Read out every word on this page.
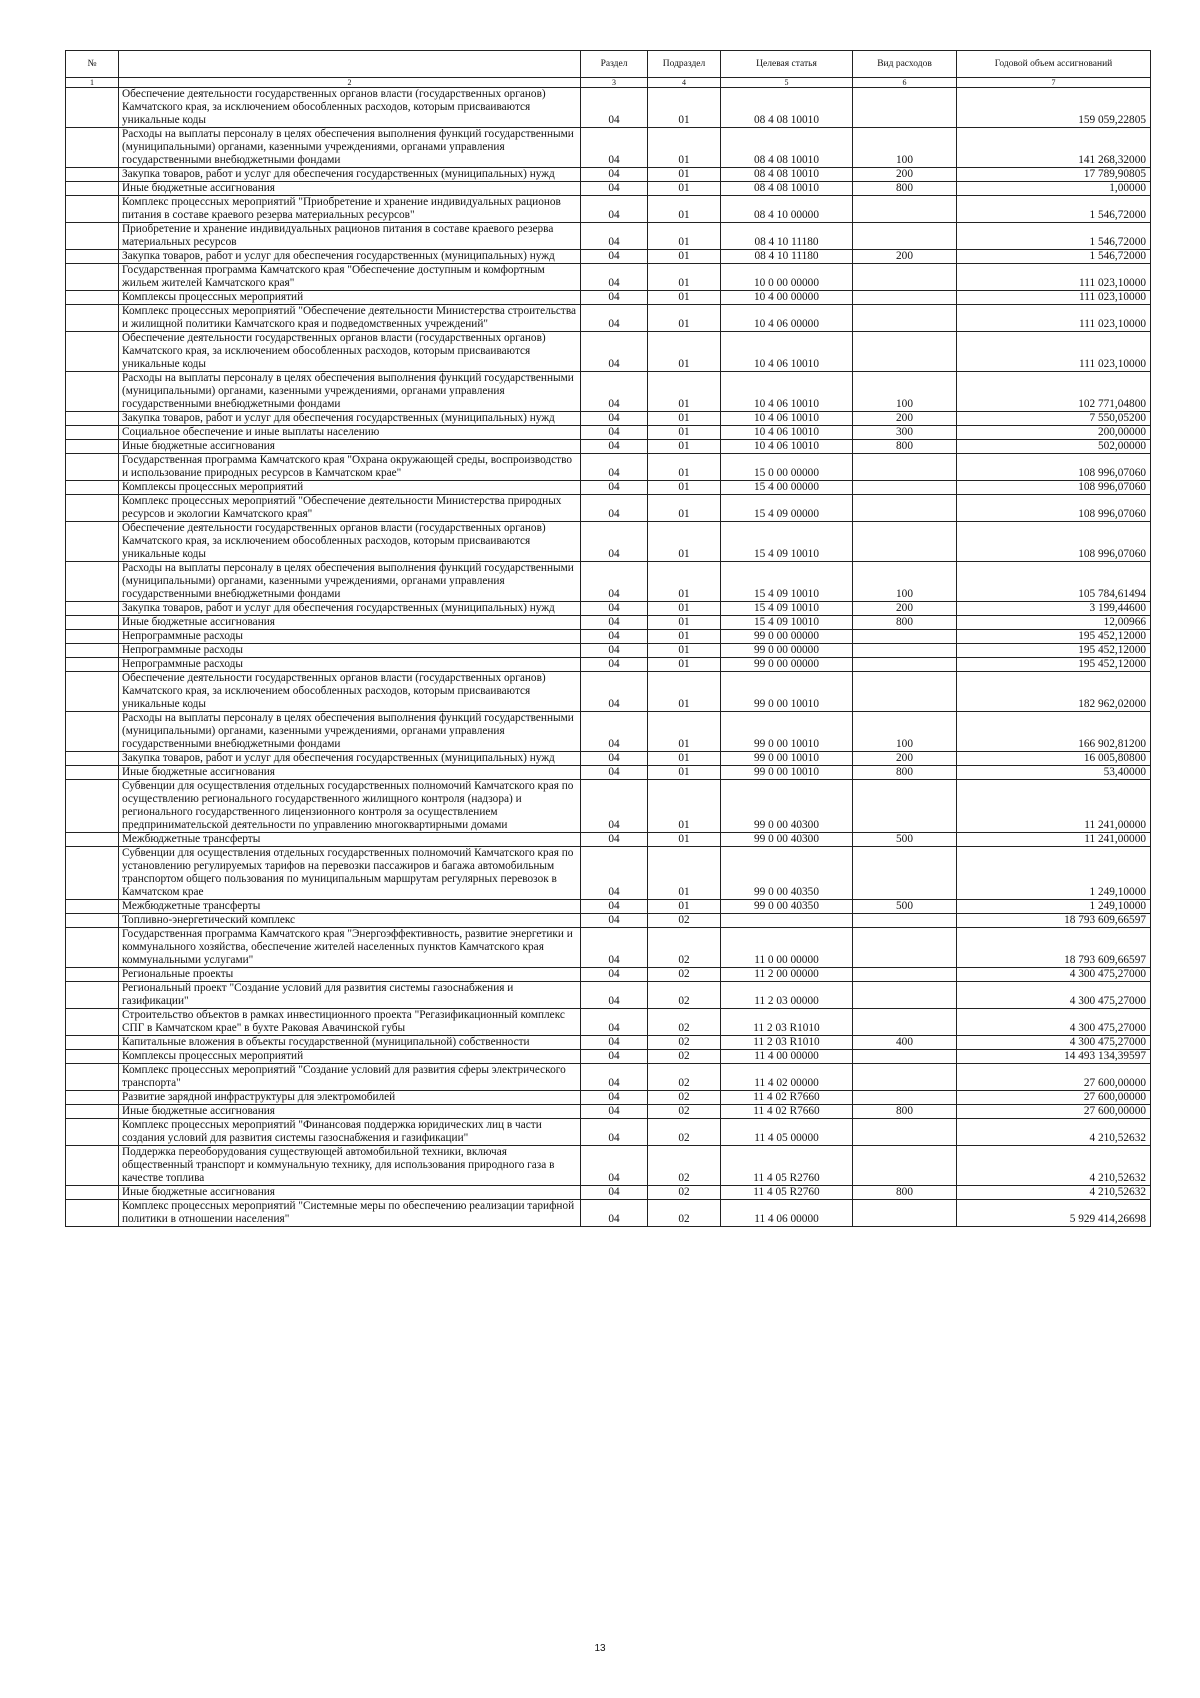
№		Раздел	Подраздел	Целевая статья	Вид расходов	Годовой объем ассигнований
1	2	3	4	5	6	7
	Обеспечение деятельности государственных органов власти (государственных органов) Камчатского края, за исключением обособленных расходов, которым присваиваются уникальные коды	04	01	08 4 08 10010		159 059,22805
	Расходы на выплаты персоналу в целях обеспечения выполнения функций государственными (муниципальными) органами, казенными учреждениями, органами управления государственными внебюджетными фондами	04	01	08 4 08 10010	100	141 268,32000
	Закупка товаров, работ и услуг для обеспечения государственных (муниципальных) нужд	04	01	08 4 08 10010	200	17 789,90805
	Иные бюджетные ассигнования	04	01	08 4 08 10010	800	1,00000
	Комплекс процессных мероприятий "Приобретение и хранение индивидуальных рационов питания в составе краевого резерва материальных ресурсов"	04	01	08 4 10 00000		1 546,72000
	Приобретение и хранение индивидуальных рационов питания в составе краевого резерва материальных ресурсов	04	01	08 4 10 11180		1 546,72000
	Закупка товаров, работ и услуг для обеспечения государственных (муниципальных) нужд	04	01	08 4 10 11180	200	1 546,72000
	Государственная программа Камчатского края "Обеспечение доступным и комфортным жильем жителей Камчатского края"	04	01	10 0 00 00000		111 023,10000
	Комплексы процессных мероприятий	04	01	10 4 00 00000		111 023,10000
	Комплекс процессных мероприятий "Обеспечение деятельности Министерства строительства и жилищной политики Камчатского края и подведомственных учреждений"	04	01	10 4 06 00000		111 023,10000
	Обеспечение деятельности государственных органов власти (государственных органов) Камчатского края, за исключением обособленных расходов, которым присваиваются уникальные коды	04	01	10 4 06 10010		111 023,10000
	Расходы на выплаты персоналу в целях обеспечения выполнения функций государственными (муниципальными) органами, казенными учреждениями, органами управления государственными внебюджетными фондами	04	01	10 4 06 10010	100	102 771,04800
	Закупка товаров, работ и услуг для обеспечения государственных (муниципальных) нужд	04	01	10 4 06 10010	200	7 550,05200
	Социальное обеспечение и иные выплаты населению	04	01	10 4 06 10010	300	200,00000
	Иные бюджетные ассигнования	04	01	10 4 06 10010	800	502,00000
	Государственная программа Камчатского края "Охрана окружающей среды, воспроизводство и использование природных ресурсов в Камчатском крае"	04	01	15 0 00 00000		108 996,07060
	Комплексы процессных мероприятий	04	01	15 4 00 00000		108 996,07060
	Комплекс процессных мероприятий "Обеспечение деятельности Министерства природных ресурсов и экологии Камчатского края"	04	01	15 4 09 00000		108 996,07060
	Обеспечение деятельности государственных органов власти (государственных органов) Камчатского края, за исключением обособленных расходов, которым присваиваются уникальные коды	04	01	15 4 09 10010		108 996,07060
	Расходы на выплаты персоналу в целях обеспечения выполнения функций государственными (муниципальными) органами, казенными учреждениями, органами управления государственными внебюджетными фондами	04	01	15 4 09 10010	100	105 784,61494
	Закупка товаров, работ и услуг для обеспечения государственных (муниципальных) нужд	04	01	15 4 09 10010	200	3 199,44600
	Иные бюджетные ассигнования	04	01	15 4 09 10010	800	12,00966
	Непрограммные расходы	04	01	99 0 00 00000		195 452,12000
	Непрограммные расходы	04	01	99 0 00 00000		195 452,12000
	Непрограммные расходы	04	01	99 0 00 00000		195 452,12000
	Обеспечение деятельности государственных органов власти (государственных органов) Камчатского края, за исключением обособленных расходов, которым присваиваются уникальные коды	04	01	99 0 00 10010		182 962,02000
	Расходы на выплаты персоналу в целях обеспечения выполнения функций государственными (муниципальными) органами, казенными учреждениями, органами управления государственными внебюджетными фондами	04	01	99 0 00 10010	100	166 902,81200
	Закупка товаров, работ и услуг для обеспечения государственных (муниципальных) нужд	04	01	99 0 00 10010	200	16 005,80800
	Иные бюджетные ассигнования	04	01	99 0 00 10010	800	53,40000
	Субвенции для осуществления отдельных государственных полномочий Камчатского края по осуществлению регионального государственного жилищного контроля (надзора) и регионального государственного лицензионного контроля за осуществлением предпринимательской деятельности по управлению многоквартирными домами	04	01	99 0 00 40300		11 241,00000
	Межбюджетные трансферты	04	01	99 0 00 40300	500	11 241,00000
	Субвенции для осуществления отдельных государственных полномочий Камчатского края по установлению регулируемых тарифов на перевозки пассажиров и багажа автомобильным транспортом общего пользования по муниципальным маршрутам регулярных перевозок в Камчатском крае	04	01	99 0 00 40350		1 249,10000
	Межбюджетные трансферты	04	01	99 0 00 40350	500	1 249,10000
	Топливно-энергетический комплекс	04	02			18 793 609,66597
	Государственная программа Камчатского края "Энергоэффективность, развитие энергетики и коммунального хозяйства, обеспечение жителей населенных пунктов Камчатского края коммунальными услугами"	04	02	11 0 00 00000		18 793 609,66597
	Региональные проекты	04	02	11 2 00 00000		4 300 475,27000
	Региональный проект "Создание условий для развития системы газоснабжения и газификации"	04	02	11 2 03 00000		4 300 475,27000
	Строительство объектов в рамках инвестиционного проекта "Регазификационный комплекс СПГ в Камчатском крае" в бухте Раковая Авачинской губы	04	02	11 2 03 R1010		4 300 475,27000
	Капитальные вложения в объекты государственной (муниципальной) собственности	04	02	11 2 03 R1010	400	4 300 475,27000
	Комплексы процессных мероприятий	04	02	11 4 00 00000		14 493 134,39597
	Комплекс процессных мероприятий "Создание условий для развития сферы электрического транспорта"	04	02	11 4 02 00000		27 600,00000
	Развитие зарядной инфраструктуры для электромобилей	04	02	11 4 02 R7660		27 600,00000
	Иные бюджетные ассигнования	04	02	11 4 02 R7660	800	27 600,00000
	Комплекс процессных мероприятий "Финансовая поддержка юридических лиц в части создания условий для развития системы газоснабжения и газификации"	04	02	11 4 05 00000		4 210,52632
	Поддержка переоборудования существующей автомобильной техники, включая общественный транспорт и коммунальную технику, для использования природного газа в качестве топлива	04	02	11 4 05 R2760		4 210,52632
	Иные бюджетные ассигнования	04	02	11 4 05 R2760	800	4 210,52632
	Комплекс процессных мероприятий "Системные меры по обеспечению реализации тарифной политики в отношении населения"	04	02	11 4 06 00000		5 929 414,26698
13
